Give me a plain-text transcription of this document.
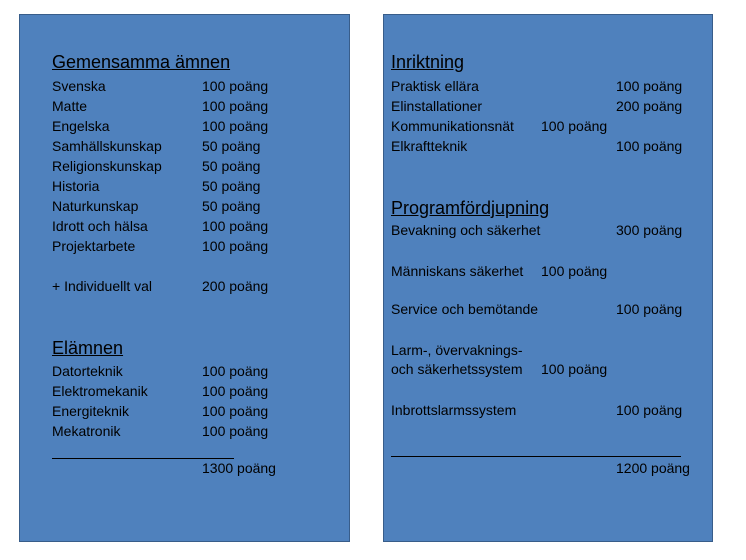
Gemensamma ämnen
Svenska	100 poäng
Matte	100 poäng
Engelska	100 poäng
Samhällskunskap	50 poäng
Religionskunskap	50 poäng
Historia	50 poäng
Naturkunskap	50 poäng
Idrott och hälsa	100 poäng
Projektarbete	100 poäng
+ Individuellt val	200 poäng
Elämnen
Datorteknik	100 poäng
Elektromekanik	100 poäng
Energiteknik	100 poäng
Mekatronik	100 poäng
1300 poäng
Inriktning
Praktisk ellära	100 poäng
Elinstallationer	200 poäng
Kommunikationsnät 100 poäng
Elkraftteknik	100 poäng
Programfördjupning
Bevakning och säkerhet	300 poäng
Människans säkerhet 100 poäng
Service och bemötande	100 poäng
Larm-, övervaknings-
och säkerhetssystem 100 poäng
Inbrottslarmssystem	100 poäng
1200 poäng
